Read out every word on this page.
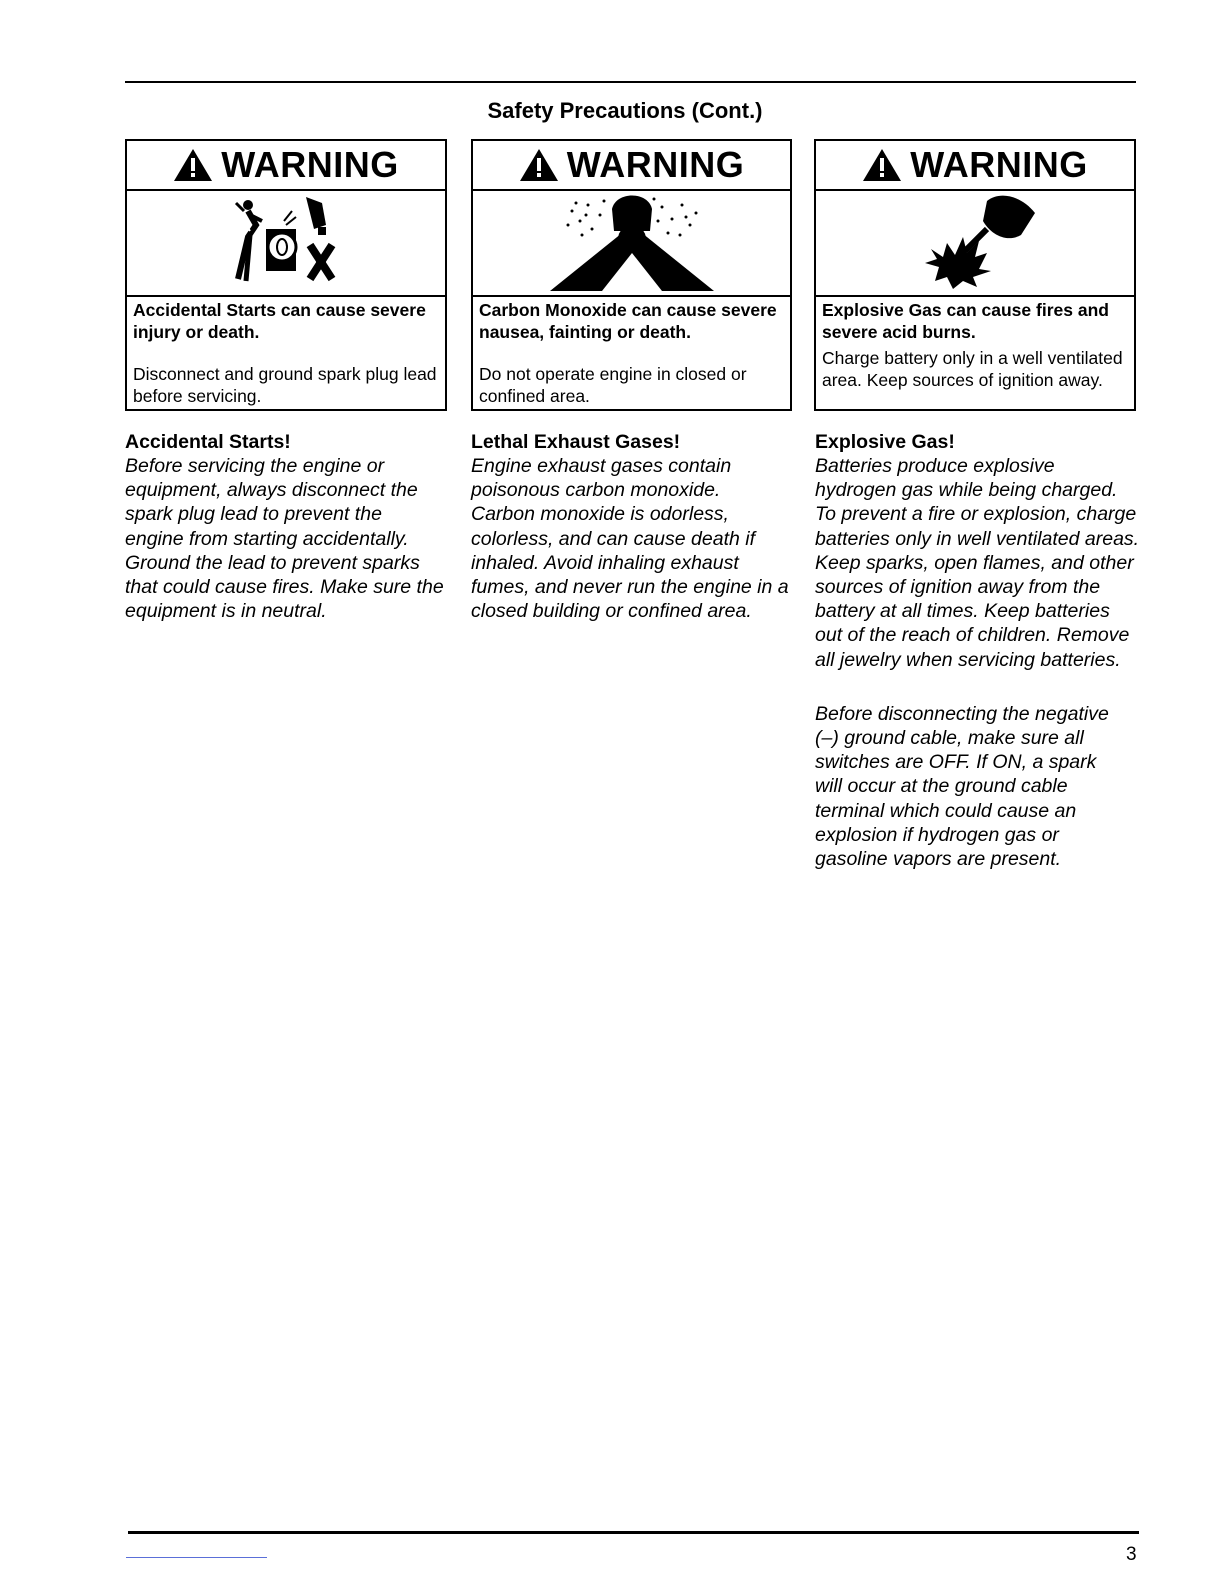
Safety Precautions (Cont.)
WARNING
Accidental Starts can cause severe injury or death.
Disconnect and ground spark plug lead before servicing.
WARNING
Carbon Monoxide can cause severe nausea, fainting or death.
Do not operate engine in closed or confined area.
WARNING
Explosive Gas can cause fires and severe acid burns.
Charge battery only in a well ventilated area. Keep sources of ignition away.
Accidental Starts!

Before servicing the engine or equipment, always disconnect the spark plug lead to prevent the engine from starting accidentally. Ground the lead to prevent sparks that could cause fires. Make sure the equipment is in neutral.

Lethal Exhaust Gases!

Engine exhaust gases contain poisonous carbon monoxide. Carbon monoxide is odorless, colorless, and can cause death if inhaled. Avoid inhaling exhaust fumes, and never run the engine in a closed building or confined area.

Explosive Gas!

Batteries produce explosive hydrogen gas while being charged. To prevent a fire or explosion, charge batteries only in well ventilated areas. Keep sparks, open flames, and other sources of ignition away from the battery at all times. Keep batteries out of the reach of children. Remove all jewelry when servicing batteries.

Before disconnecting the negative (–) ground cable, make sure all switches are OFF. If ON, a spark will occur at the ground cable terminal which could cause an explosion if hydrogen gas or gasoline vapors are present.

3
